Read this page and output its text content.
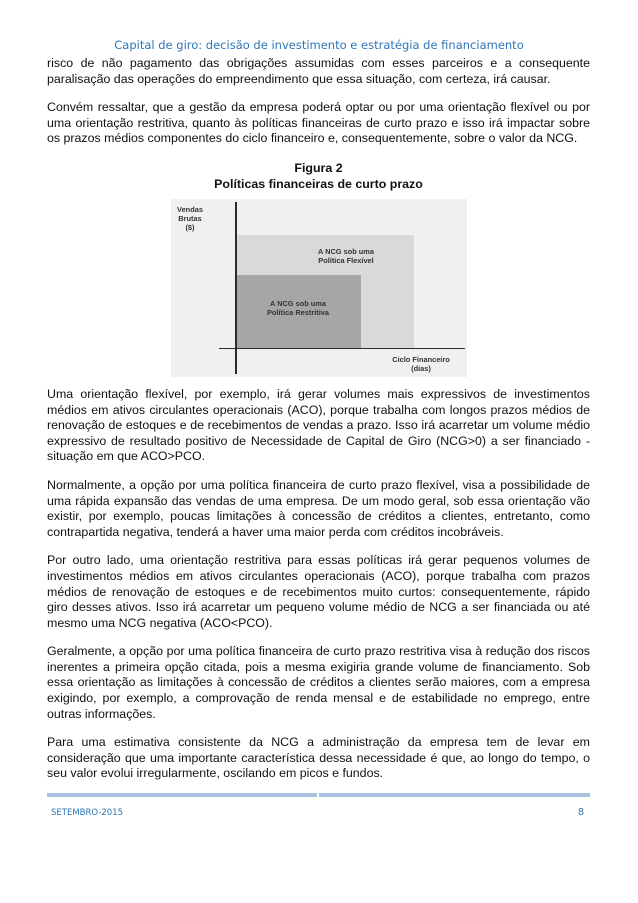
Capital de giro: decisão de investimento e estratégia de financiamento

risco de não pagamento das obrigações assumidas com esses parceiros e a consequente paralisação das operações do empreendimento que essa situação, com certeza, irá causar.

Convém ressaltar, que a gestão da empresa poderá optar ou por uma orientação flexível ou por uma orientação restritiva, quanto às políticas financeiras de curto prazo e isso irá impactar sobre os prazos médios componentes do ciclo financeiro e, consequentemente, sobre o valor da NCG.

Figura 2
Políticas financeiras de curto prazo
Vendas
Brutas
($)
A NCG sob uma
Política Flexível
A NCG sob uma
Política Restritiva
Ciclo Financeiro
(dias)

Uma orientação flexível, por exemplo, irá gerar volumes mais expressivos de investimentos médios em ativos circulantes operacionais (ACO), porque trabalha com longos prazos médios de renovação de estoques e de recebimentos de vendas a prazo. Isso irá acarretar um volume médio expressivo de resultado positivo de Necessidade de Capital de Giro (NCG>0) a ser financiado - situação em que ACO>PCO.

Normalmente, a opção por uma política financeira de curto prazo flexível, visa a possibilidade de uma rápida expansão das vendas de uma empresa. De um modo geral, sob essa orientação vão existir, por exemplo, poucas limitações à concessão de créditos a clientes, entretanto, como contrapartida negativa, tenderá a haver uma maior perda com créditos incobráveis.

Por outro lado, uma orientação restritiva para essas políticas irá gerar pequenos volumes de investimentos médios em ativos circulantes operacionais (ACO), porque trabalha com prazos médios de renovação de estoques e de recebimentos muito curtos: consequentemente, rápido giro desses ativos. Isso irá acarretar um pequeno volume médio de NCG a ser financiada ou até mesmo uma NCG negativa (ACO<PCO).

Geralmente, a opção por uma política financeira de curto prazo restritiva visa à redução dos riscos inerentes a primeira opção citada, pois a mesma exigiria grande volume de financiamento. Sob essa orientação as limitações à concessão de créditos a clientes serão maiores, com a empresa exigindo, por exemplo, a comprovação de renda mensal e de estabilidade no emprego, entre outras informações.

Para uma estimativa consistente da NCG a administração da empresa tem de levar em consideração que uma importante característica dessa necessidade é que, ao longo do tempo, o seu valor evolui irregularmente, oscilando em picos e fundos.

SETEMBRO-2015	8
